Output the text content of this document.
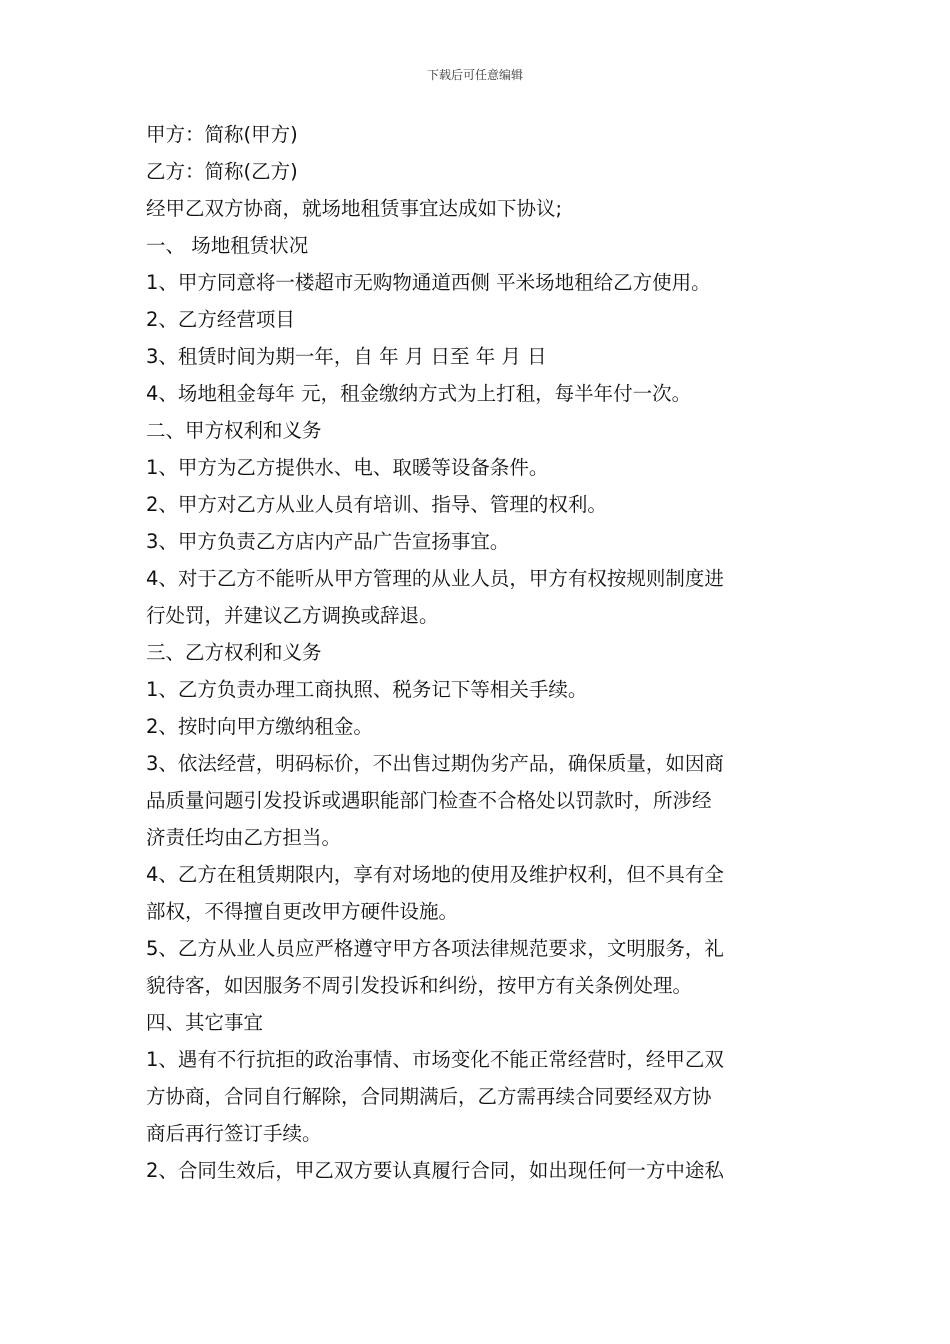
下载后可任意编辑
甲方：简称(甲方)
乙方：简称(乙方)
经甲乙双方协商，就场地租赁事宜达成如下协议;
一、 场地租赁状况
1、甲方同意将一楼超市无购物通道西侧 平米场地租给乙方使用。
2、乙方经营项目
3、租赁时间为期一年，自 年 月 日至 年 月 日
4、场地租金每年 元，租金缴纳方式为上打租，每半年付一次。
二、甲方权利和义务
1、甲方为乙方提供水、电、取暖等设备条件。
2、甲方对乙方从业人员有培训、指导、管理的权利。
3、甲方负责乙方店内产品广告宣扬事宜。
4、对于乙方不能听从甲方管理的从业人员，甲方有权按规则制度进
行处罚，并建议乙方调换或辞退。
三、乙方权利和义务
1、乙方负责办理工商执照、税务记下等相关手续。
2、按时向甲方缴纳租金。
3、依法经营，明码标价，不出售过期伪劣产品，确保质量，如因商
品质量问题引发投诉或遇职能部门检查不合格处以罚款时，所涉经
济责任均由乙方担当。
4、乙方在租赁期限内，享有对场地的使用及维护权利，但不具有全
部权，不得擅自更改甲方硬件设施。
5、乙方从业人员应严格遵守甲方各项法律规范要求，文明服务，礼
貌待客，如因服务不周引发投诉和纠纷，按甲方有关条例处理。
四、其它事宜
1、遇有不行抗拒的政治事情、市场变化不能正常经营时，经甲乙双
方协商，合同自行解除，合同期满后，乙方需再续合同要经双方协
商后再行签订手续。
2、合同生效后，甲乙双方要认真履行合同，如出现任何一方中途私
